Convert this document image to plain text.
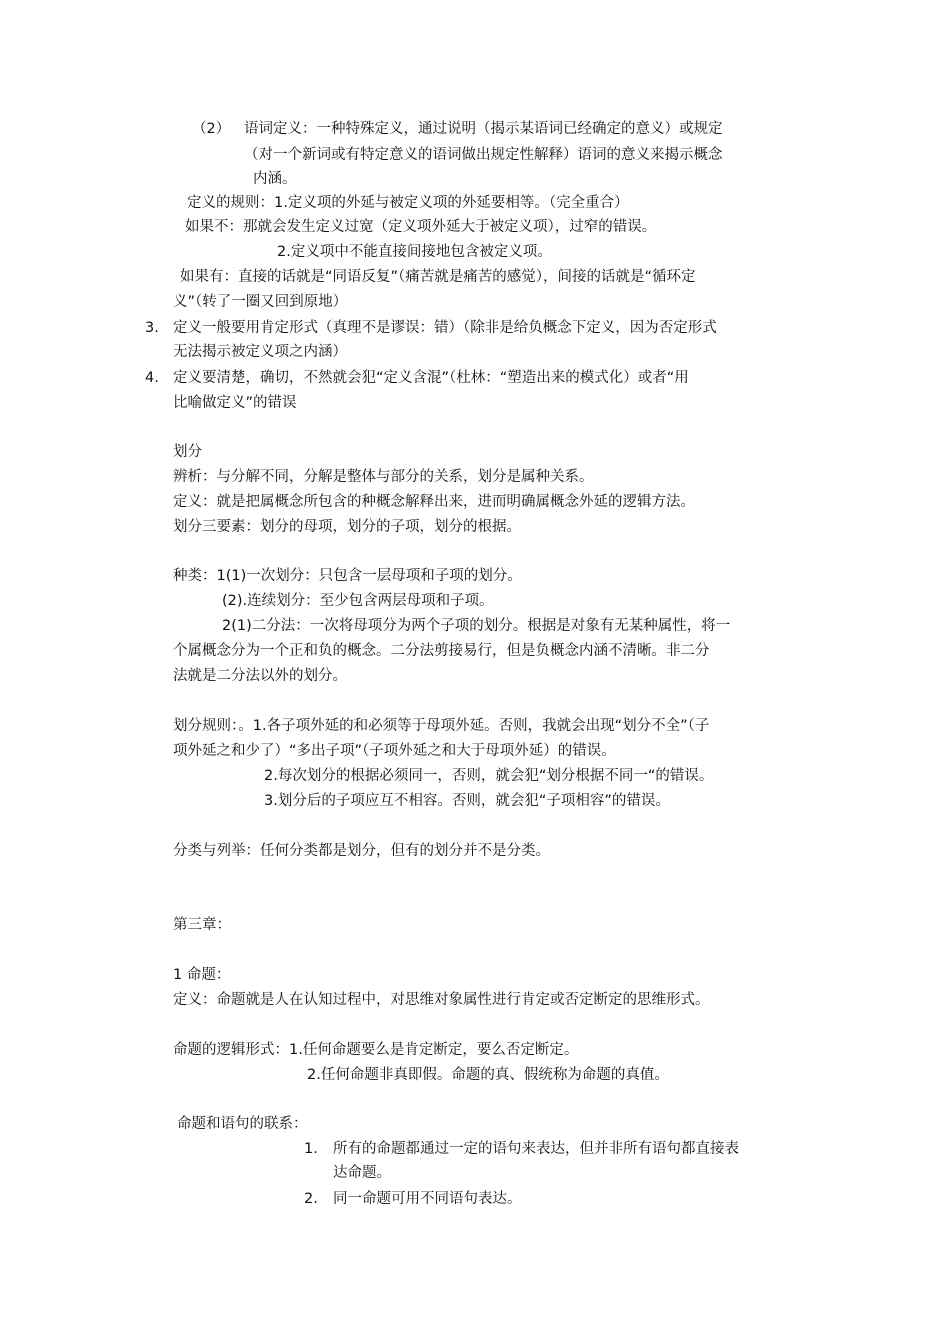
（2） 语词定义：一种特殊定义，通过说明（揭示某语词已经确定的意义）或规定
（对一个新词或有特定意义的语词做出规定性解释）语词的意义来揭示概念
内涵。
定义的规则：1.定义项的外延与被定义项的外延要相等。（完全重合）
如果不：那就会发生定义过宽（定义项外延大于被定义项），过窄的错误。
2.定义项中不能直接间接地包含被定义项。
如果有：直接的话就是“同语反复”（痛苦就是痛苦的感觉），间接的话就是“循环定
义”（转了一圈又回到原地）
3. 定义一般要用肯定形式（真理不是谬误：错）（除非是给负概念下定义，因为否定形式
无法揭示被定义项之内涵）
4. 定义要清楚，确切，不然就会犯“定义含混”（杜林：“塑造出来的模式化）或者“用
比喻做定义”的错误
划分
辨析：与分解不同，分解是整体与部分的关系，划分是属种关系。
定义：就是把属概念所包含的种概念解释出来，进而明确属概念外延的逻辑方法。
划分三要素：划分的母项，划分的子项，划分的根据。
种类：1(1)一次划分：只包含一层母项和子项的划分。
(2).连续划分：至少包含两层母项和子项。
2(1)二分法：一次将母项分为两个子项的划分。根据是对象有无某种属性，将一
个属概念分为一个正和负的概念。二分法剪接易行，但是负概念内涵不清晰。非二分
法就是二分法以外的划分。
划分规则：。1.各子项外延的和必须等于母项外延。否则，我就会出现“划分不全”（子
项外延之和少了）“多出子项”（子项外延之和大于母项外延）的错误。
2.每次划分的根据必须同一，否则，就会犯“划分根据不同一“的错误。
3.划分后的子项应互不相容。否则，就会犯“子项相容”的错误。
分类与列举：任何分类都是划分，但有的划分并不是分类。
第三章：
1 命题：
定义：命题就是人在认知过程中，对思维对象属性进行肯定或否定断定的思维形式。
命题的逻辑形式：1.任何命题要么是肯定断定，要么否定断定。
2.任何命题非真即假。命题的真、假统称为命题的真值。
命题和语句的联系：
1. 所有的命题都通过一定的语句来表达，但并非所有语句都直接表
达命题。
2. 同一命题可用不同语句表达。
